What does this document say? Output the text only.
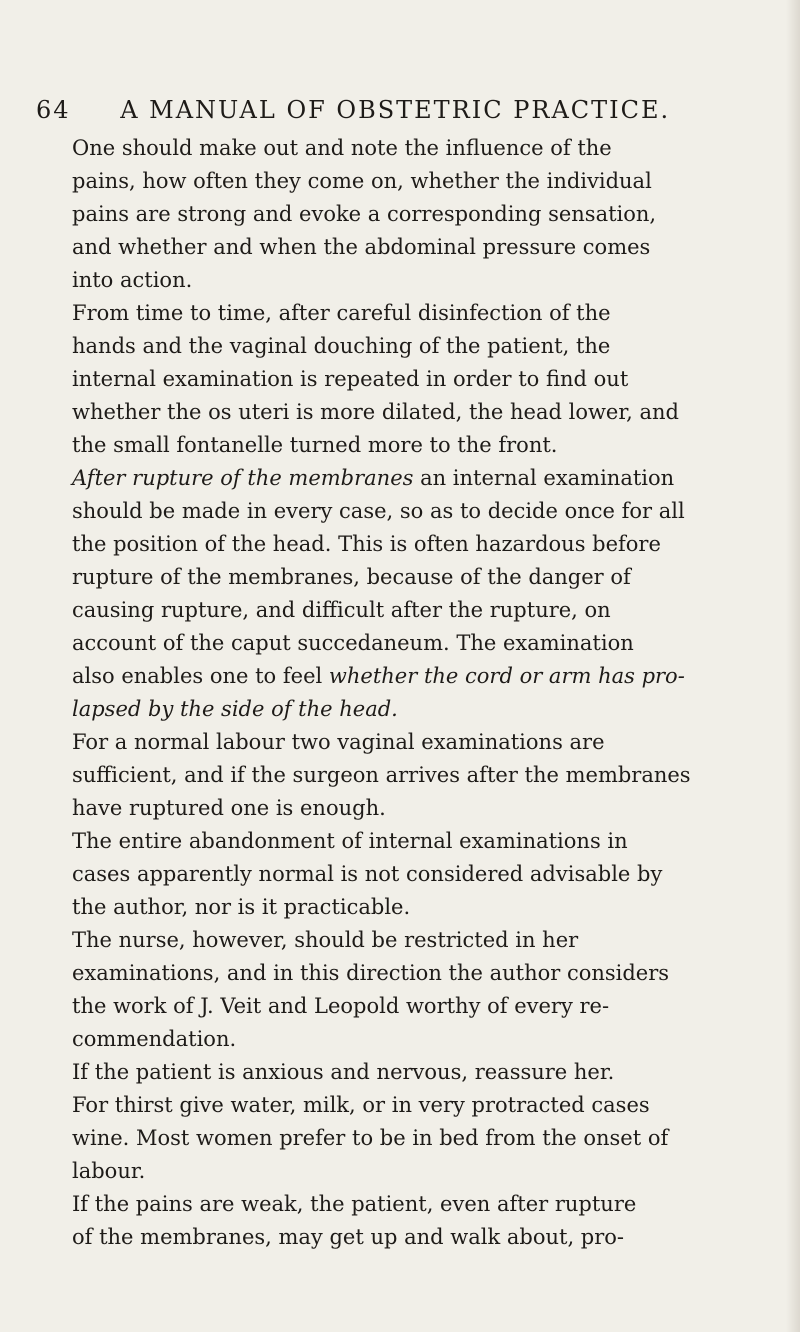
64 A MANUAL OF OBSTETRIC PRACTICE.

One should make out and note the influence of the
pains, how often they come on, whether the individual
pains are strong and evoke a corresponding sensation,
and whether and when the abdominal pressure comes
into action.

From time to time, after careful disinfection of the
hands and the vaginal douching of the patient, the
internal examination is repeated in order to find out
whether the os uteri is more dilated, the head lower, and
the small fontanelle turned more to the front.

After rupture of the membranes an internal examination
should be made in every case, so as to decide once for all
the position of the head. This is often hazardous before
rupture of the membranes, because of the danger of
causing rupture, and difficult after the rupture, on
account of the caput succedaneum. The examination
also enables one to feel whether the cord or arm has pro-
lapsed by the side of the head.

For a normal labour two vaginal examinations are
sufficient, and if the surgeon arrives after the membranes
have ruptured one is enough.

The entire abandonment of internal examinations in
cases apparently normal is not considered advisable by
the author, nor is it practicable.

The nurse, however, should be restricted in her
examinations, and in this direction the author considers
the work of J. Veit and Leopold worthy of every re-
commendation.

If the patient is anxious and nervous, reassure her.
For thirst give water, milk, or in very protracted cases
wine. Most women prefer to be in bed from the onset of
labour.

If the pains are weak, the patient, even after rupture
of the membranes, may get up and walk about, pro-
